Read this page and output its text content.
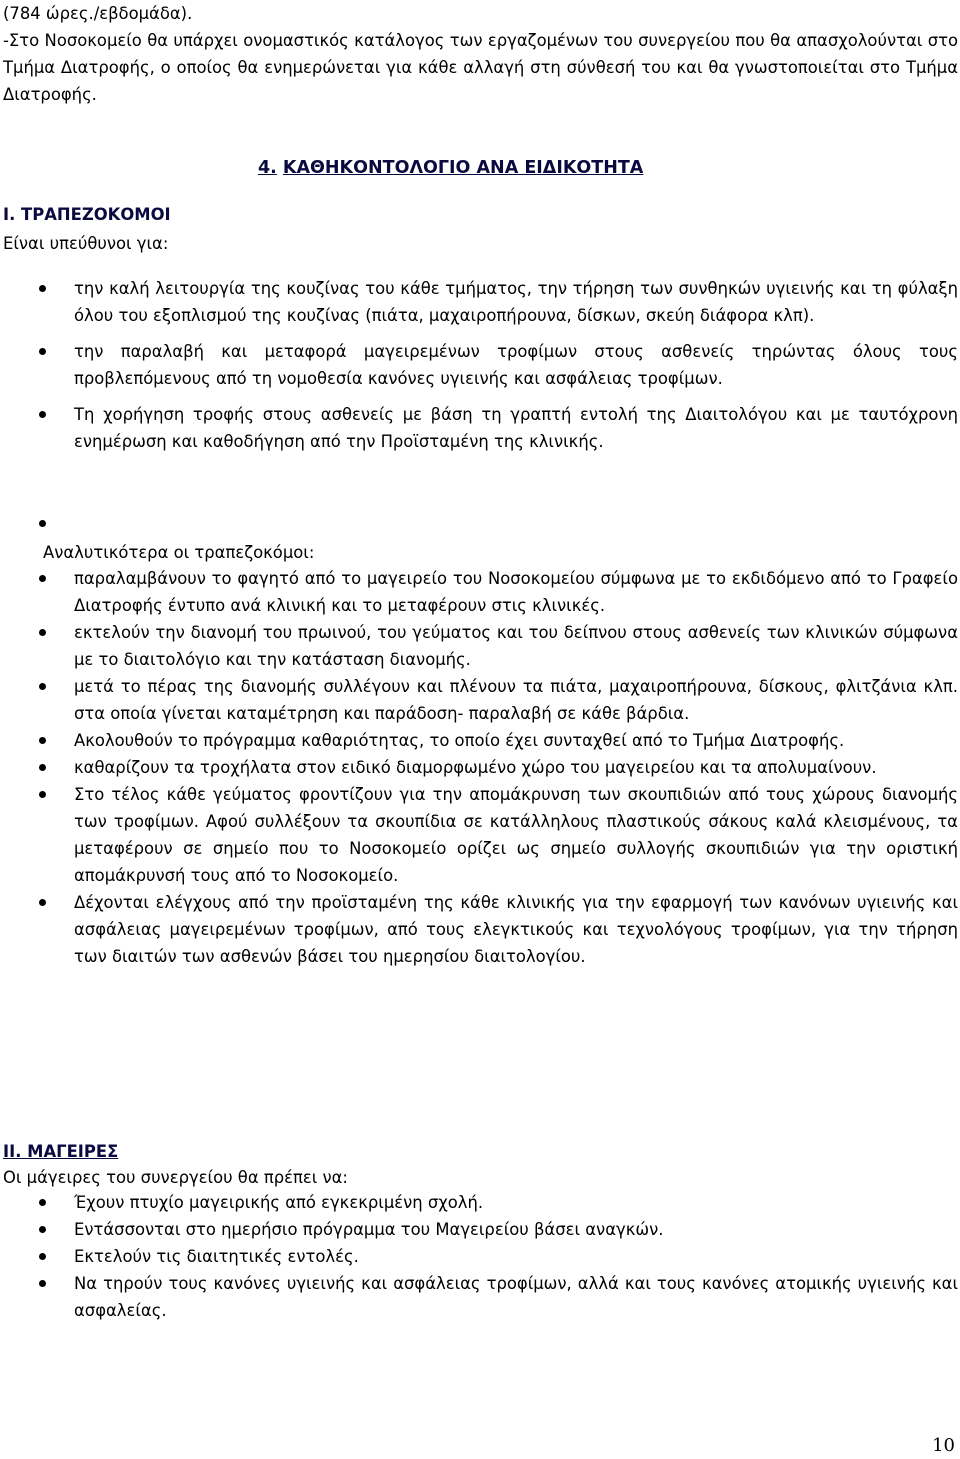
(784 ώρες./εβδομάδα).

-Στο Νοσοκομείο θα υπάρχει ονομαστικός κατάλογος των εργαζομένων του συνεργείου που θα απασχολούνται στο Τμήμα Διατροφής, ο οποίος θα ενημερώνεται για κάθε αλλαγή στη σύνθεσή του και θα γνωστοποιείται στο Τμήμα Διατροφής.

4. ΚΑΘΗΚΟΝΤΟΛΟΓΙΟ ΑΝΑ ΕΙΔΙΚΟΤΗΤΑ
Ι. ΤΡΑΠΕΖΟΚΟΜΟΙ
Είναι υπεύθυνοι για:
την καλή λειτουργία της κουζίνας του κάθε τμήματος, την τήρηση των συνθηκών υγιεινής και τη φύλαξη όλου του εξοπλισμού της κουζίνας (πιάτα, μαχαιροπήρουνα, δίσκων, σκεύη διάφορα κλπ).
την παραλαβή και μεταφορά μαγειρεμένων τροφίμων στους ασθενείς τηρώντας όλους τους προβλεπόμενους από τη νομοθεσία κανόνες υγιεινής και ασφάλειας τροφίμων.
Τη χορήγηση τροφής στους ασθενείς με βάση τη γραπτή εντολή της Διαιτολόγου και με ταυτόχρονη ενημέρωση και καθοδήγηση από την Προϊσταμένη της κλινικής.
Αναλυτικότερα οι τραπεζοκόμοι:
παραλαμβάνουν το φαγητό από το μαγειρείο του Νοσοκομείου σύμφωνα με το εκδιδόμενο από το Γραφείο Διατροφής έντυπο ανά κλινική και το μεταφέρουν στις κλινικές.
εκτελούν την διανομή του πρωινού, του γεύματος και του δείπνου στους ασθενείς των κλινικών σύμφωνα με το διαιτολόγιο και την κατάσταση διανομής.
μετά το πέρας της διανομής συλλέγουν και πλένουν τα πιάτα, μαχαιροπήρουνα, δίσκους, φλιτζάνια κλπ. στα οποία γίνεται καταμέτρηση και παράδοση- παραλαβή σε κάθε βάρδια.
Ακολουθούν το πρόγραμμα καθαριότητας, το οποίο έχει συνταχθεί από το Τμήμα Διατροφής.
καθαρίζουν τα τροχήλατα στον ειδικό διαμορφωμένο χώρο του μαγειρείου και τα απολυμαίνουν.
Στο τέλος κάθε γεύματος φροντίζουν για την απομάκρυνση των σκουπιδιών από τους χώρους διανομής των τροφίμων. Αφού συλλέξουν τα σκουπίδια σε κατάλληλους πλαστικούς σάκους καλά κλεισμένους, τα μεταφέρουν σε σημείο που το Νοσοκομείο ορίζει ως σημείο συλλογής σκουπιδιών για την οριστική απομάκρυνσή τους από το Νοσοκομείο.
Δέχονται ελέγχους από την προϊσταμένη της κάθε κλινικής για την εφαρμογή των κανόνων υγιεινής και ασφάλειας μαγειρεμένων τροφίμων, από τους ελεγκτικούς και τεχνολόγους τροφίμων, για την τήρηση των διαιτών των ασθενών βάσει του ημερησίου διαιτολογίου.
ΙΙ. ΜΑΓΕΙΡΕΣ
Οι μάγειρες του συνεργείου θα πρέπει να:
Έχουν πτυχίο μαγειρικής από εγκεκριμένη σχολή.
Εντάσσονται στο ημερήσιο πρόγραμμα του Μαγειρείου βάσει αναγκών.
Εκτελούν τις διαιτητικές εντολές.
Να τηρούν τους κανόνες υγιεινής και ασφάλειας τροφίμων, αλλά και τους κανόνες ατομικής υγιεινής και ασφαλείας.
10
